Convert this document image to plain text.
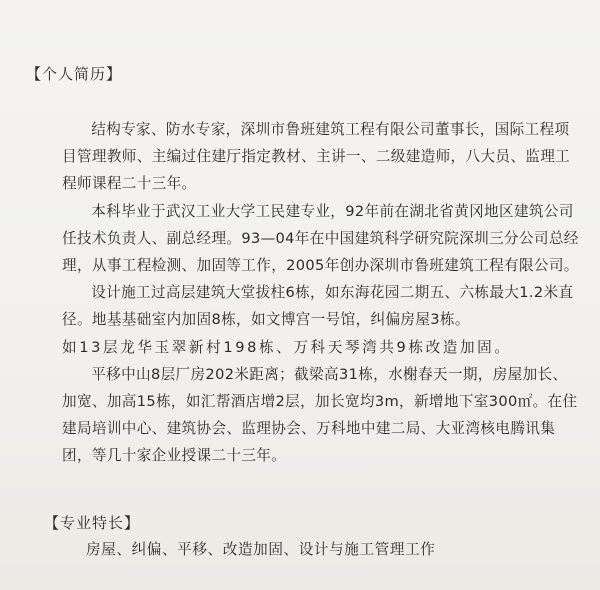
【个人简历】

结构专家、防水专家，深圳市鲁班建筑工程有限公司董事长，国际工程项目管理教师、主编过住建厅指定教材、主讲一、二级建造师，八大员、监理工程师课程二十三年。

本科毕业于武汉工业大学工民建专业，92年前在湖北省黄冈地区建筑公司任技术负责人、副总经理。93—04年在中国建筑科学研究院深圳三分公司总经理，从事工程检测、加固等工作，2005年创办深圳市鲁班建筑工程有限公司。

设计施工过高层建筑大堂拔柱6栋，如东海花园二期五、六栋最大1.2米直径。地基基础室内加固8栋，如文博宫一号馆，纠偏房屋3栋。

如13层龙华玉翠新村198栋、万科天琴湾共9栋改造加固。

平移中山8层厂房202米距离；截梁高31栋，水榭春天一期，房屋加长、加宽、加高15栋，如汇帮酒店增2层，加长宽均3m，新增地下室300㎡。在住建局培训中心、建筑协会、监理协会、万科地中建二局、大亚湾核电腾讯集团，等几十家企业授课二十三年。

【专业特长】
房屋、纠偏、平移、改造加固、设计与施工管理工作
